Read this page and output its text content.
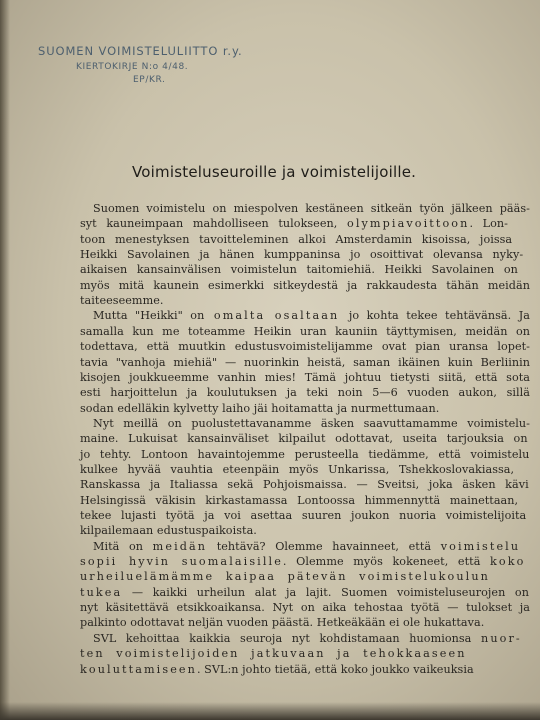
SUOMEN VOIMISTELULIITTO r.y.
KIERTOKIRJE N:o 4/48.
EP/KR.
Voimisteluseuroille ja voimistelijoille.
Suomen voimistelu on miespolven kestäneen sitkeän työn jälkeen pääs-
syt kauneimpaan mahdolliseen tulokseen, olympiavoittoon. Lon-
toon menestyksen tavoitteleminen alkoi Amsterdamin kisoissa, joissa
Heikki Savolainen ja hänen kumppaninsa jo osoittivat olevansa nyky-
aikaisen kansainvälisen voimistelun taitomiehiä. Heikki Savolainen on
myös mitä kaunein esimerkki sitkeydestä ja rakkaudesta tähän meidän
taiteeseemme.
Mutta "Heikki" on omalta osaltaan jo kohta tekee tehtävänsä. Ja
samalla kun me toteamme Heikin uran kauniin täyttymisen, meidän on
todettava, että muutkin edustusvoimistelijamme ovat pian uransa lopet-
tavia "vanhoja miehiä" — nuorinkin heistä, saman ikäinen kuin Berliinin
kisojen joukkueemme vanhin mies! Tämä johtuu tietysti siitä, että sota
esti harjoittelun ja koulutuksen ja teki noin 5—6 vuoden aukon, sillä
sodan edelläkin kylvetty laiho jäi hoitamatta ja nurmettumaan.
Nyt meillä on puolustettavanamme äsken saavuttamamme voimistelu-
maine. Lukuisat kansainväliset kilpailut odottavat, useita tarjouksia on
jo tehty. Lontoon havaintojemme perusteella tiedämme, että voimistelu
kulkee hyvää vauhtia eteenpäin myös Unkarissa, Tshekkoslovakiassa,
Ranskassa ja Italiassa sekä Pohjoismaissa. — Sveitsi, joka äsken kävi
Helsingissä väkisin kirkastamassa Lontoossa himmennyttä mainettaan,
tekee lujasti työtä ja voi asettaa suuren joukon nuoria voimistelijoita
kilpailemaan edustuspaikoista.
Mitä on meidän tehtävä? Olemme havainneet, että voimistelu
sopii hyvin suomalaisille. Olemme myös kokeneet, että koko
urheiluelämämme kaipaa pätevän voimistelukoulun
tukea — kaikki urheilun alat ja lajit. Suomen voimisteluseurojen on
nyt käsitettävä etsikkoaikansa. Nyt on aika tehostaa työtä — tulokset ja
palkinto odottavat neljän vuoden päästä. Hetkeäkään ei ole hukattava.
SVL kehoittaa kaikkia seuroja nyt kohdistamaan huomionsa nuor-
ten voimistelijoiden jatkuvaan ja tehokkaaseen
kouluttamiseen. SVL:n johto tietää, että koko joukko vaikeuksia
